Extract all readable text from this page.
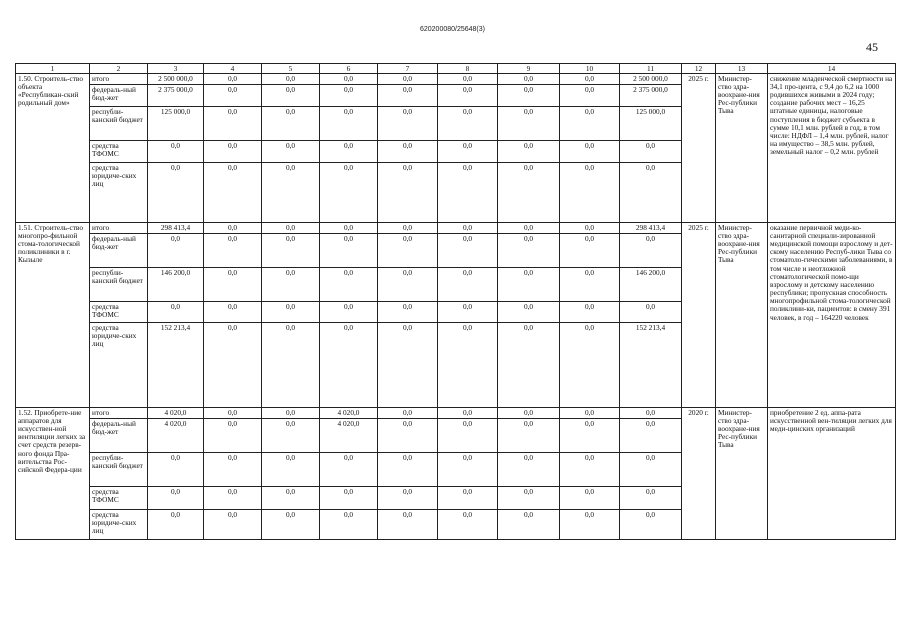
620200080/25648(3)
45
1	2	3	4	5	6	7	8	9	10	11	12	13	14
1.50. Строитель-ство объекта «Республикан-ский родильный дом»	итого	2 500 000,0	0,0	0,0	0,0	0,0	0,0	0,0	0,0	2 500 000,0	2025 г.	Министер-ство здра-воохране-ния Рес-публики Тыва	снижение младенческой смертности на 34,1 про-цента, с 9,4 до 6,2 на 1000 родившихся живыми в 2024 году; создание рабочих мест – 16,25 штатные единицы, налоговые поступления в бюджет субъекта в сумме 10,1 млн. рублей в год, в том числе: НДФЛ – 1,4 млн. рублей, налог на имущество – 38,5 млн. рублей, земельный налог – 0,2 млн. рублей
	федераль-ный бюд-жет	2 375 000,0	0,0	0,0	0,0	0,0	0,0	0,0	0,0	2 375 000,0			
	республи-канский бюджет	125 000,0	0,0	0,0	0,0	0,0	0,0	0,0	0,0	125 000,0			
	средства ТФОМС	0,0	0,0	0,0	0,0	0,0	0,0	0,0	0,0	0,0			
	средства юридиче-ских лиц	0,0	0,0	0,0	0,0	0,0	0,0	0,0	0,0	0,0			
1.51. Строитель-ство многопро-фильной стома-тологической поликлиники в г. Кызыле	итого	298 413,4	0,0	0,0	0,0	0,0	0,0	0,0	0,0	298 413,4	2025 г.	Министер-ство здра-воохране-ния Рес-публики Тыва	оказание первичной меди-ко-санитарной специали-зированной медицинской помощи взрослому и дет-скому населению Респуб-лики Тыва со стоматоло-гическими заболеваниями, в том числе и неотложной стоматологической помо-щи взрослому и детскому населению республики; пропускная способность многопрофильной стома-тологической поликлини-ки, пациентов: в смену 391 человек, в год – 164220 человек
	федераль-ный бюд-жет	0,0	0,0	0,0	0,0	0,0	0,0	0,0	0,0	0,0			
	республи-канский бюджет	146 200,0	0,0	0,0	0,0	0,0	0,0	0,0	0,0	146 200,0			
	средства ТФОМС	0,0	0,0	0,0	0,0	0,0	0,0	0,0	0,0	0,0			
	средства юридиче-ских лиц	152 213,4	0,0	0,0	0,0	0,0	0,0	0,0	0,0	152 213,4			
1.52. Приобрете-ние аппаратов для искусствен-ной вентиляции легких за счет средств резерв-ного фонда Пра-вительства Рос-сийской Федера-ции	итого	4 020,0	0,0	0,0	4 020,0	0,0	0,0	0,0	0,0	0,0	2020 г.	Министер-ство здра-воохране-ния Рес-публики Тыва	приобретение 2 ед. аппа-рата искусственной вен-тиляции легких для меди-цинских организаций
	федераль-ный бюд-жет	4 020,0	0,0	0,0	4 020,0	0,0	0,0	0,0	0,0	0,0			
	республи-канский бюджет	0,0	0,0	0,0	0,0	0,0	0,0	0,0	0,0	0,0			
	средства ТФОМС	0,0	0,0	0,0	0,0	0,0	0,0	0,0	0,0	0,0			
	средства юридиче-ских лиц	0,0	0,0	0,0	0,0	0,0	0,0	0,0	0,0	0,0			
